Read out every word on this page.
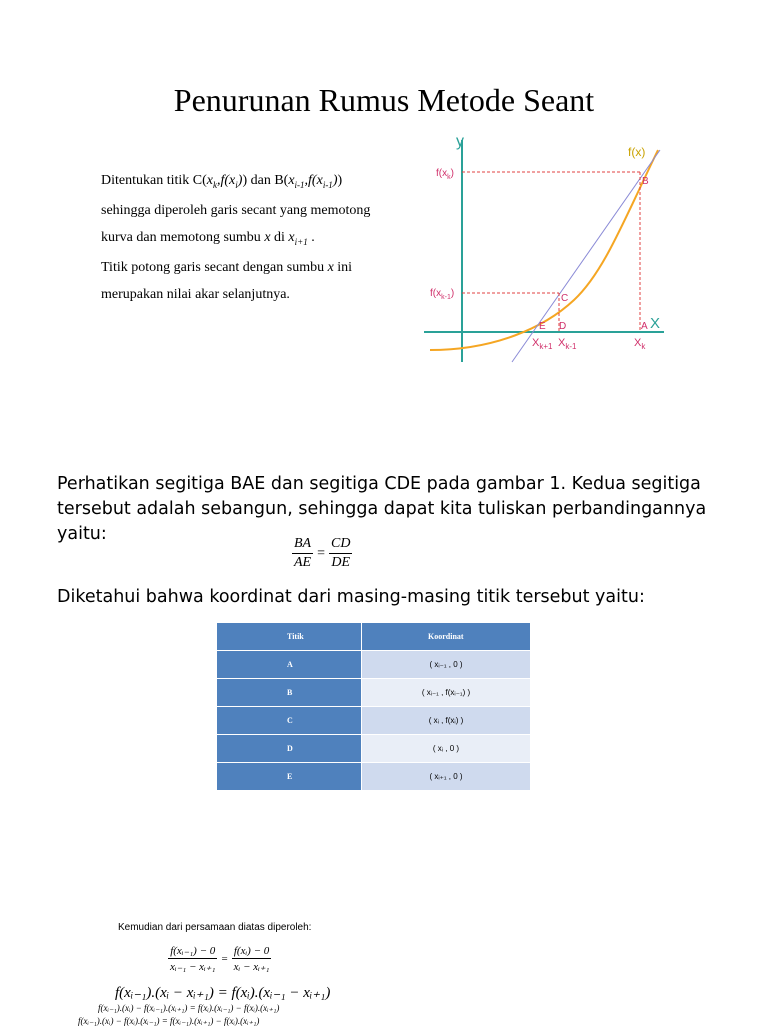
Penurunan Rumus Metode Seant
Ditentukan titik $C(x_k,f(x_i))$ dan $B(x_{i-1},f(x_{i-1}))$
sehingga diperoleh garis secant yang memotong
kurva dan memotong sumbu x di $x_{i+1}$ .
Titik potong garis secant dengan sumbu x ini
merupakan nilai akar selanjutnya.
y
X
f(x)
$f(x_k)$
$f(x_{k-1})$
B
C
A
D
E
$X_{k+1}$ $X_{k-1}$	$X_k$
Perhatikan segitiga BAE dan segitiga CDE pada gambar 1. Kedua segitiga tersebut adalah sebangun, sehingga dapat kita tuliskan perbandingannya yaitu:
$\frac{BA}{AE} = \frac{CD}{DE}$
Diketahui bahwa koordinat dari masing-masing titik tersebut yaitu:
Titik	Koordinat
A	( xᵢ₋₁ , 0 )
B	( xᵢ₋₁ , f(xᵢ₋₁) )
C	( xᵢ , f(xᵢ) )
D	( xᵢ , 0 )
E	( xᵢ₊₁ , 0 )
Kemudian dari persamaan diatas diperoleh:
$\frac{\text{f(xᵢ₋₁) − 0}}{\text{xᵢ₋₁ − xᵢ₊₁}} = \frac{\text{f(xᵢ) − 0}}{\text{xᵢ − xᵢ₊₁}}$
f(xᵢ₋₁).(xᵢ − xᵢ₊₁) = f(xᵢ).(xᵢ₋₁ − xᵢ₊₁)
f(xᵢ₋₁).(xᵢ) − f(xᵢ₋₁).(xᵢ₊₁) = f(xᵢ).(xᵢ₋₁) − f(xᵢ).(xᵢ₊₁)
f(xᵢ₋₁).(xᵢ) − f(xᵢ).(xᵢ₋₁) = f(xᵢ₋₁).(xᵢ₊₁) − f(xᵢ).(xᵢ₊₁)
